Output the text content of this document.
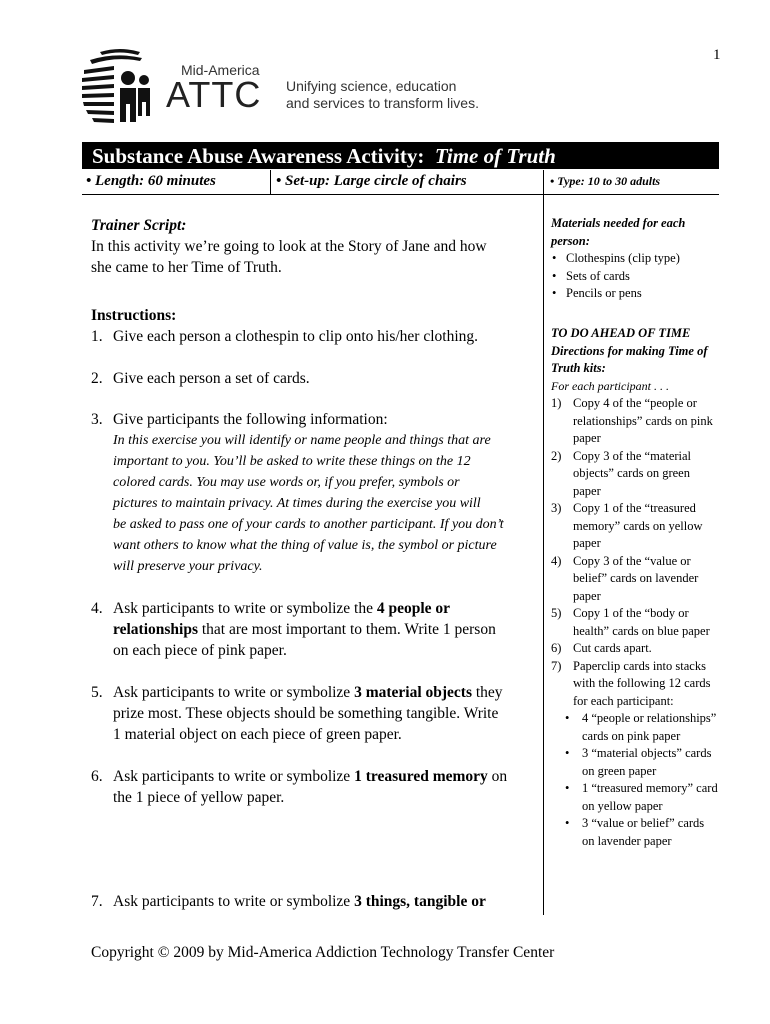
1
Mid-America
ATTC Unifying science, education
and services to transform lives.
Substance Abuse Awareness Activity: Time of Truth
• Length: 60 minutes	• Set-up: Large circle of chairs	• Type: 10 to 30 adults
Trainer Script:
In this activity we’re going to look at the Story of Jane and how
she came to her Time of Truth.
Instructions:
1. Give each person a clothespin to clip onto his/her clothing.
2. Give each person a set of cards.
3. Give participants the following information:
In this exercise you will identify or name people and things that are
important to you. You’ll be asked to write these things on the 12
colored cards. You may use words or, if you prefer, symbols or
pictures to maintain privacy. At times during the exercise you will
be asked to pass one of your cards to another participant. If you don’t
want others to know what the thing of value is, the symbol or picture
will preserve your privacy.
4. Ask participants to write or symbolize the 4 people or
relationships that are most important to them. Write 1 person
on each piece of pink paper.
5. Ask participants to write or symbolize 3 material objects they
prize most. These objects should be something tangible. Write
1 material object on each piece of green paper.
6. Ask participants to write or symbolize 1 treasured memory on
the 1 piece of yellow paper.
7. Ask participants to write or symbolize 3 things, tangible or
Materials needed for each person:
• Clothespins (clip type)
• Sets of cards
• Pencils or pens
TO DO AHEAD OF TIME
Directions for making Time of Truth kits:
For each participant . . .
1) Copy 4 of the “people or relationships” cards on pink paper
2) Copy 3 of the “material objects” cards on green paper
3) Copy 1 of the “treasured memory” cards on yellow paper
4) Copy 3 of the “value or belief” cards on lavender paper
5) Copy 1 of the “body or health” cards on blue paper
6) Cut cards apart.
7) Paperclip cards into stacks with the following 12 cards for each participant:
• 4 “people or relationships” cards on pink paper
• 3 “material objects” cards on green paper
• 1 “treasured memory” card on yellow paper
• 3 “value or belief” cards on lavender paper
Copyright © 2009 by Mid-America Addiction Technology Transfer Center
